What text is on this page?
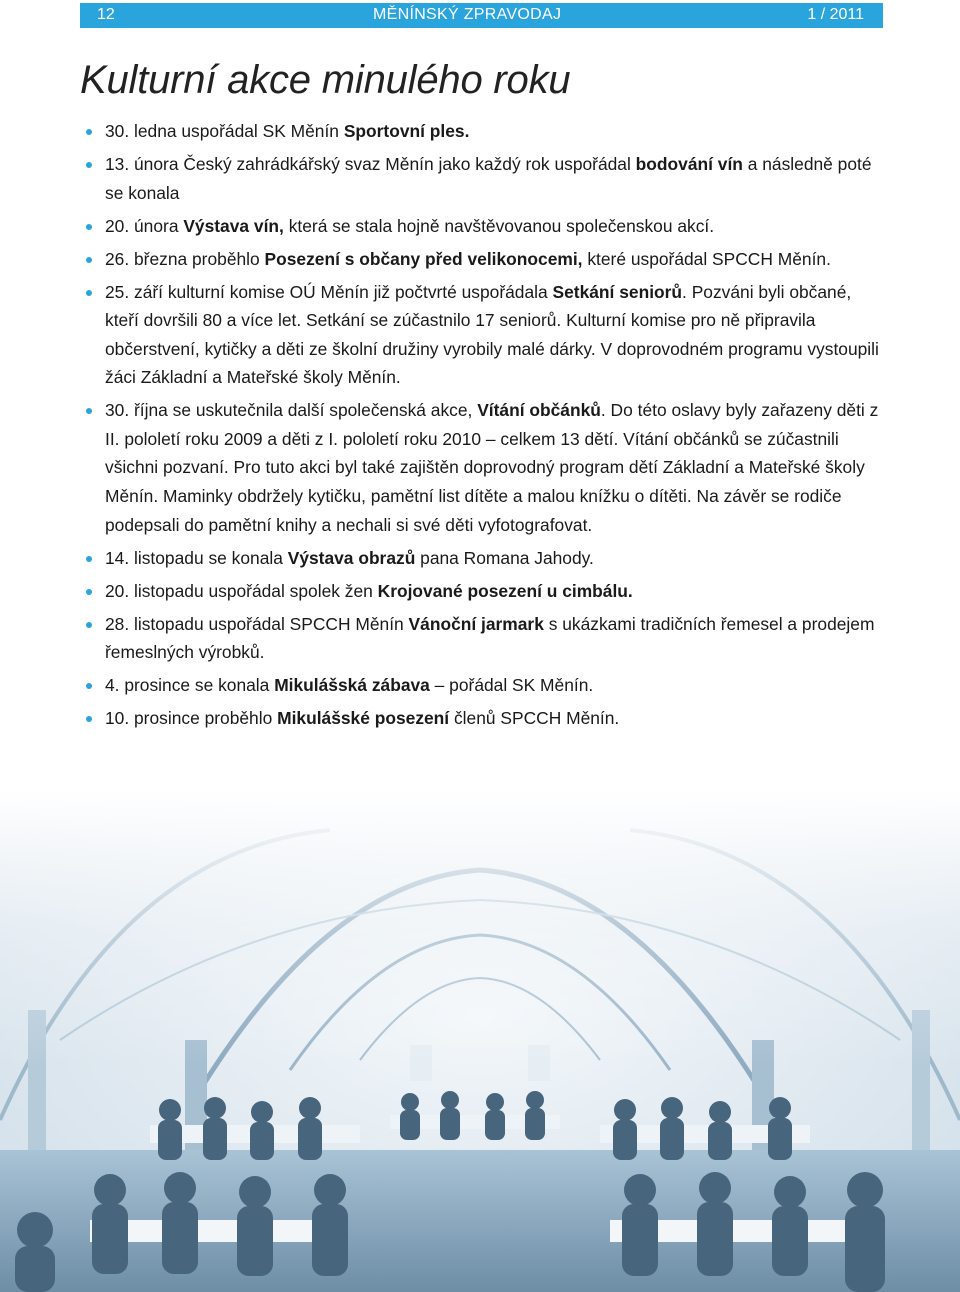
12	MĚNÍNSKÝ ZPRAVODAJ	1 / 2011
Kulturní akce minulého roku
30. ledna uspořádal SK Měnín Sportovní ples.
13. února Český zahrádkářský svaz Měnín jako každý rok uspořádal bodování vín a následně poté se konala
20. února Výstava vín, která se stala hojně navštěvovanou společenskou akcí.
26. března proběhlo Posezení s občany před velikonocemi, které uspořádal SPCCH Měnín.
25. září kulturní komise OÚ Měnín již počtvrté uspořádala Setkání seniorů. Pozváni byli občané, kteří dovršili 80 a více let. Setkání se zúčastnilo 17 seniorů. Kulturní komise pro ně připravila občerstvení, kytičky a děti ze školní družiny vyrobily malé dárky. V doprovodném programu vystoupili žáci Základní a Mateřské školy Měnín.
30. října se uskutečnila další společenská akce, Vítání občánků. Do této oslavy byly zařazeny děti z II. pololetí roku 2009 a děti z I. pololetí roku 2010 – celkem 13 dětí. Vítání občánků se zúčastnili všichni pozvaní. Pro tuto akci byl také zajištěn doprovodný program dětí Základní a Mateřské školy Měnín. Maminky obdržely kytičku, pamětní list dítěte a malou knížku o dítěti. Na závěr se rodiče podepsali do pamětní knihy a nechali si své děti vyfotografovat.
14. listopadu se konala Výstava obrazů pana Romana Jahody.
20. listopadu uspořádal spolek žen Krojované posezení u cimbálu.
28. listopadu uspořádal SPCCH Měnín Vánoční jarmark s ukázkami tradičních řemesel a prodejem řemeslných výrobků.
4. prosince se konala Mikulášská zábava – pořádal SK Měnín.
10. prosince proběhlo Mikulášské posezení členů SPCCH Měnín.
